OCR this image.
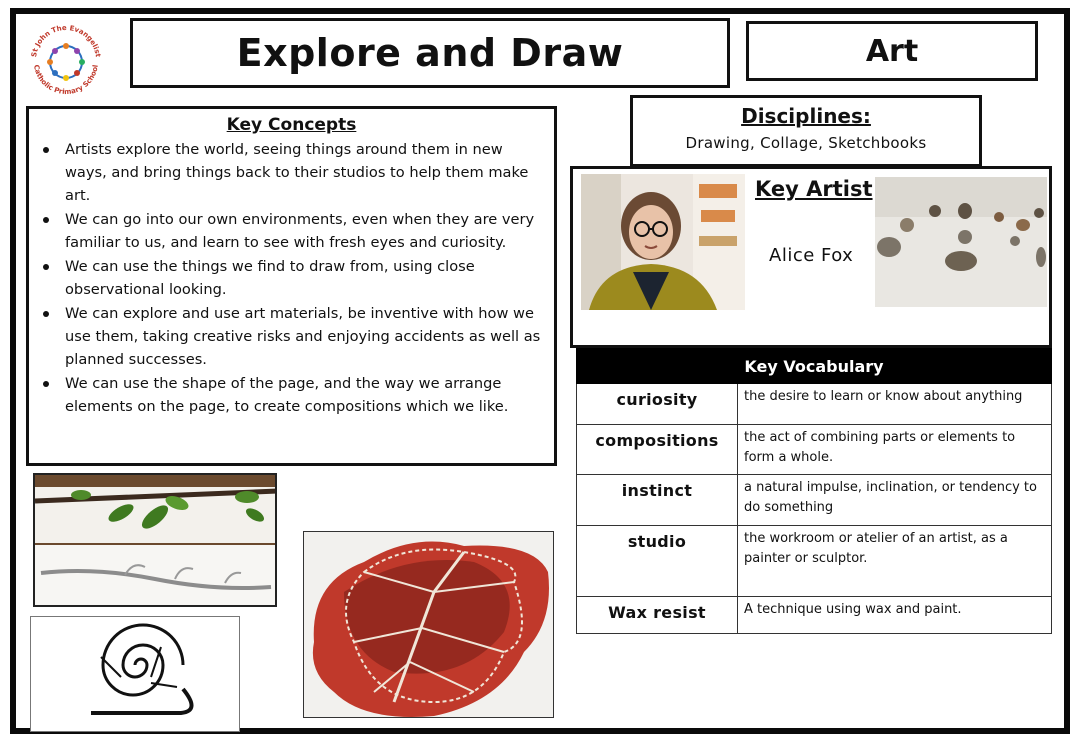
St John The Evangelist
Catholic Primary School	Explore and Draw	Art
Key Concepts
Artists explore the world, seeing things around them in new ways, and bring things back to their studios to help them make art.
We can go into our own environments, even when they are very familiar to us, and learn to see with fresh eyes and curiosity.
We can use the things we find to draw from, using close observational looking.
We can explore and use art materials, be inventive with how we use them, taking creative risks and enjoying accidents as well as planned successes.
We can use the shape of the page, and the way we arrange elements on the page, to create compositions which we like.
Disciplines:

Drawing, Collage, Sketchbooks

Key Artist
Alice Fox
Key Vocabulary
curiosity	the desire to learn or know about anything
compositions	the act of combining parts or elements to form a whole.
instinct	a natural impulse, inclination, or tendency to do something
studio	the workroom or atelier of an artist, as a painter or sculptor.
Wax resist	A technique using wax and paint.
